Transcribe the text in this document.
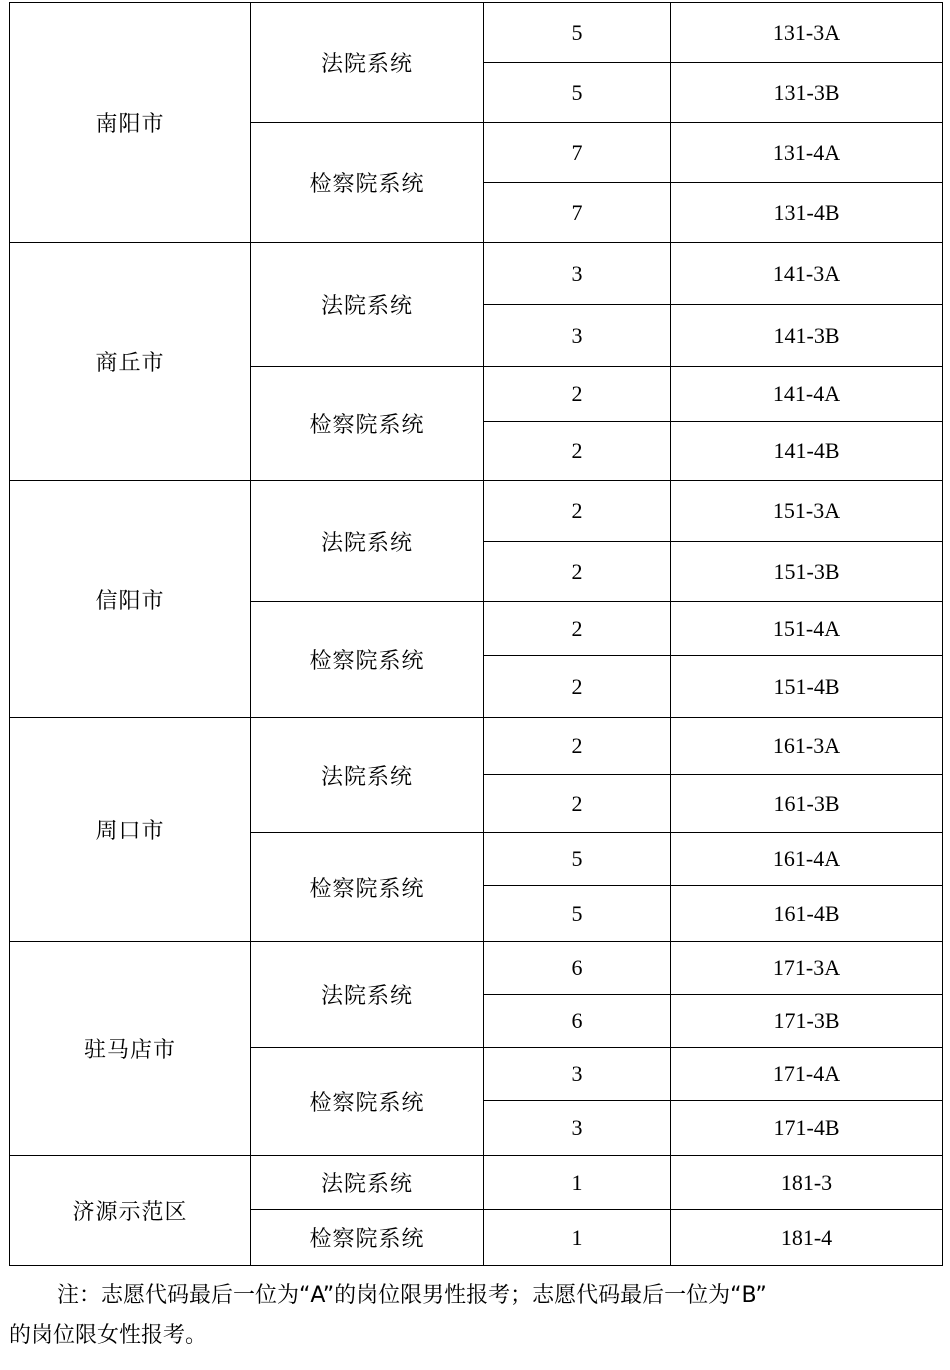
南阳市	法院系统	5	131-3A
		5	131-3B
	检察院系统	7	131-4A
		7	131-4B
商丘市	法院系统	3	141-3A
		3	141-3B
	检察院系统	2	141-4A
		2	141-4B
信阳市	法院系统	2	151-3A
		2	151-3B
	检察院系统	2	151-4A
		2	151-4B
周口市	法院系统	2	161-3A
		2	161-3B
	检察院系统	5	161-4A
		5	161-4B
驻马店市	法院系统	6	171-3A
		6	171-3B
	检察院系统	3	171-4A
		3	171-4B
济源示范区	法院系统	1	181-3
	检察院系统	1	181-4
注：志愿代码最后一位为“A”的岗位限男性报考；志愿代码最后一位为“B”
的岗位限女性报考。
